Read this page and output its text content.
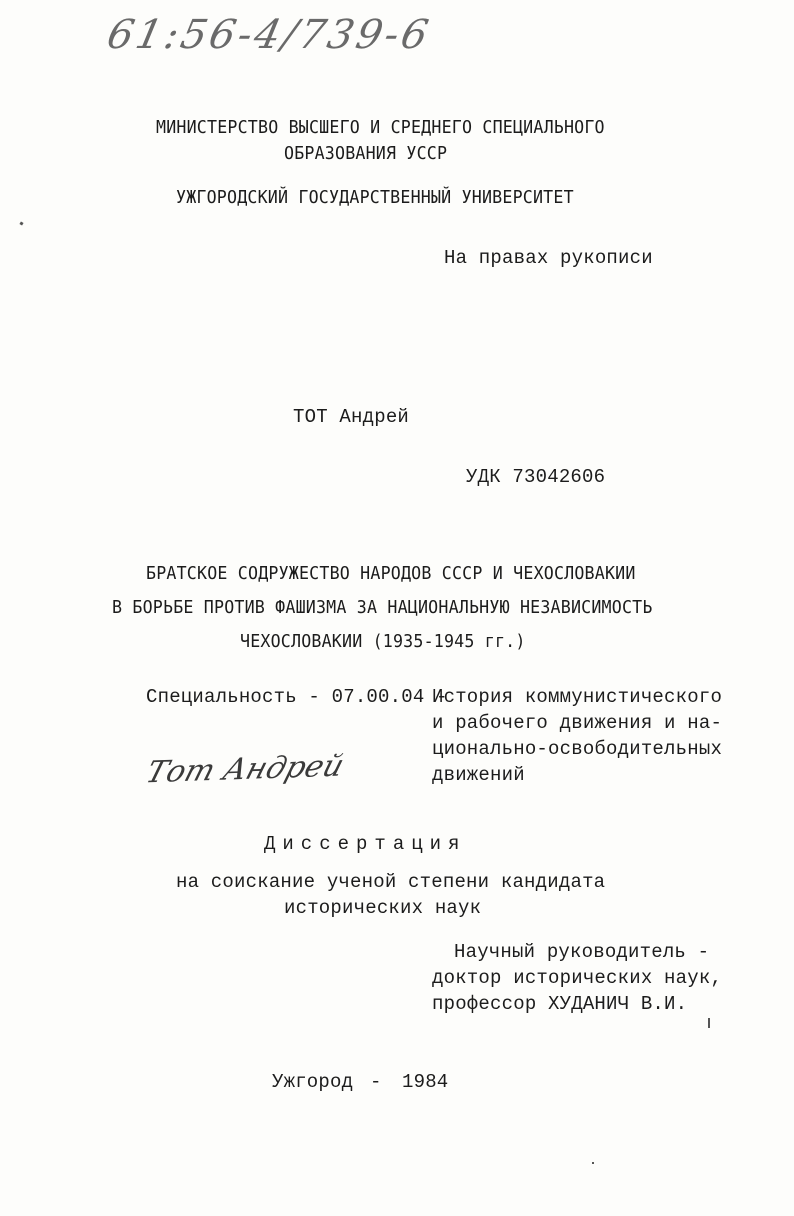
61:56-4/739-6
МИНИСТЕРСТВО ВЫСШЕГО И СРЕДНЕГО СПЕЦИАЛЬНОГО
ОБРАЗОВАНИЯ УССР
УЖГОРОДСКИЙ ГОСУДАРСТВЕННЫЙ УНИВЕРСИТЕТ
На правах рукописи
ТОТ Андрей
УДК 73042606
БРАТСКОЕ СОДРУЖЕСТВО НАРОДОВ СССР И ЧЕХОСЛОВАКИИ
В БОРЬБЕ ПРОТИВ ФАШИЗМА ЗА НАЦИОНАЛЬНУЮ НЕЗАВИСИМОСТЬ
ЧЕХОСЛОВАКИИ (1935-1945 гг.)
Специальность - 07.00.04 -
История коммунистического
и рабочего движения и на-
ционально-освободительных
движений
Тот Андрей
Диссертация
на соискание ученой степени кандидата
исторических наук
Научный руководитель -
доктор исторических наук,
профессор ХУДАНИЧ В.И.
Ужгород - 1984
